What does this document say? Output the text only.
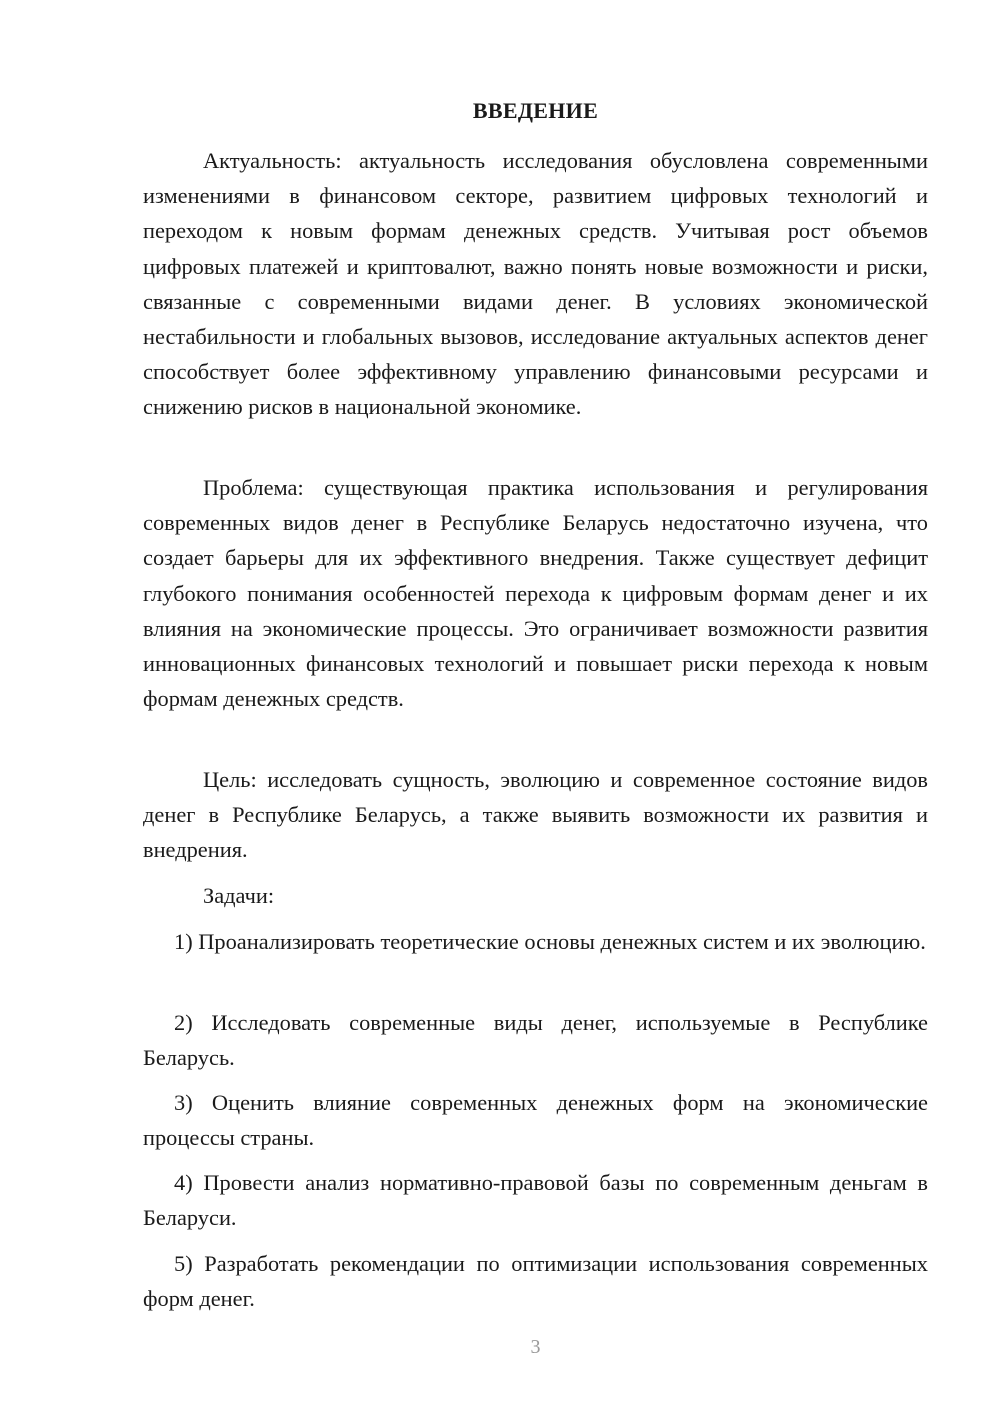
ВВЕДЕНИЕ

Актуальность: актуальность исследования обусловлена современными изменениями в финансовом секторе, развитием цифровых технологий и переходом к новым формам денежных средств. Учитывая рост объемов цифровых платежей и криптовалют, важно понять новые возможности и риски, связанные с современными видами денег. В условиях экономической нестабильности и глобальных вызовов, исследование актуальных аспектов денег способствует более эффективному управлению финансовыми ресурсами и снижению рисков в национальной экономике.

Проблема: существующая практика использования и регулирования современных видов денег в Республике Беларусь недостаточно изучена, что создает барьеры для их эффективного внедрения. Также существует дефицит глубокого понимания особенностей перехода к цифровым формам денег и их влияния на экономические процессы. Это ограничивает возможности развития инновационных финансовых технологий и повышает риски перехода к новым формам денежных средств.

Цель: исследовать сущность, эволюцию и современное состояние видов денег в Республике Беларусь, а также выявить возможности их развития и внедрения.

Задачи:

1) Проанализировать теоретические основы денежных систем и их эволюцию.

2) Исследовать современные виды денег, используемые в Республике Беларусь.

3) Оценить влияние современных денежных форм на экономические процессы страны.

4) Провести анализ нормативно-правовой базы по современным деньгам в Беларуси.

5) Разработать рекомендации по оптимизации использования современных форм денег.

3
